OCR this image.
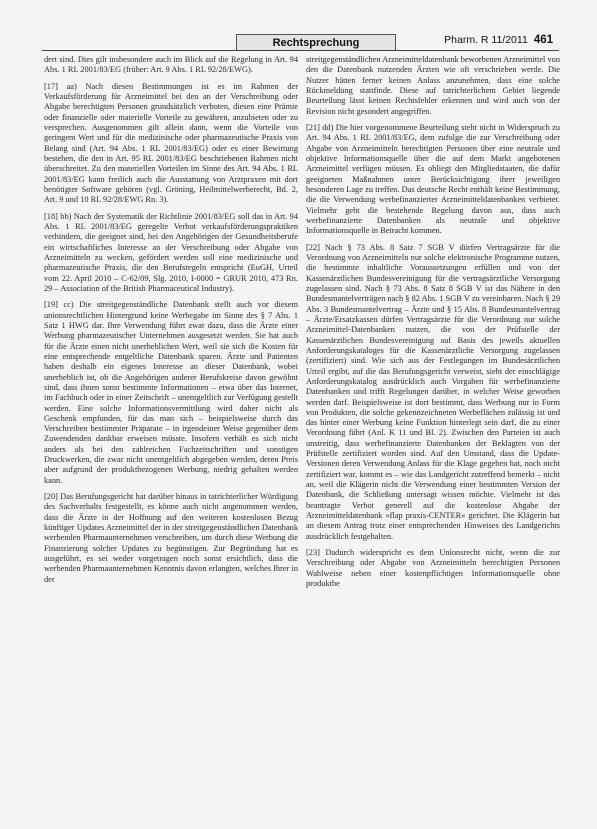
Rechtsprechung	Pharm. R 11/2011 461

dert sind. Dies gilt insbesondere auch im Blick auf die Regelung in Art. 94 Abs. 1 RL 2001/83/EG (früher: Art. 9 Abs. 1 RL 92/28/EWG).

[17] aa) Nach diesen Bestimmungen ist es im Rahmen der Verkaufsförderung für Arzneimittel bei den an der Verschreibung oder Abgabe berechtigten Personen grundsätzlich verboten, diesen eine Prämie oder finanzielle oder materielle Vorteile zu gewähren, anzubieten oder zu versprechen. Ausgenommen gilt allein dann, wenn die Vorteile von geringem Wert und für die medizinische oder pharmazeutische Praxis von Belang sind (Art. 94 Abs. 1 RL 2001/83/EG) oder es einer Bewirtung bestehen, die den in Art. 95 RL 2001/83/EG beschriebenen Rahmen nicht überschreitet. Zu den materiellen Vorteilen im Sinne des Art. 94 Abs. 1 RL 2001/83/EG kann freilich auch die Ausstattung von Arztpraxen mit dort benötigter Software gehören (vgl. Gröning, Heilmittelwerberecht, Bd. 2, Art. 9 und 10 RL 92/28/EWG Rn. 3).

[18] bb) Nach der Systematik der Richtlinie 2001/83/EG soll das in Art. 94 Abs. 1 RL 2001/83/EG geregelte Verbot verkaufsförderungspraktiken verhindern, die geeignet sind, bei den Angehörigen der Gesundheitsberufe ein wirtschaftliches Interesse an der Verschreibung oder Abgabe von Arzneimitteln zu wecken, gefördert werden soll eine medizinische und pharmazeutische Praxis, die den Berufsregeln entspricht (EuGH, Urteil vom 22. April 2010 – C-62/09, Slg. 2010, I-0000 = GRUR 2010, 473 Rn. 29 – Association of the British Pharmaceutical Industry).

[19] cc) Die streitgegenständliche Datenbank stellt auch vor diesem unionsrechtlichen Hintergrund keine Werbegabe im Sinne des § 7 Abs. 1 Satz 1 HWG dar. Ihre Verwendung führt zwar dazu, dass die Ärzte einer Werbung pharmazeutischer Unternehmen ausgesetzt werden. Sie hat auch für die Ärzte einen nicht unerheblichen Wert, weil sie sich die Kosten für eine entsprechende entgeltliche Datenbank sparen. Ärzte und Patienten haben deshalb ein eigenes Interesse an dieser Datenbank, wobei unerheblich ist, ob die Angehörigen anderer Berufskreise davon gewöhnt sind, dass ihnen sonst bestimmte Informationen – etwa über das Internet, im Fachbuch oder in einer Zeitschrift – unentgeltlich zur Verfügung gestellt werden. Eine solche Informationsvermittlung wird daher nicht als Geschenk empfunden, für das man sich – beispielsweise durch das Verschreiben bestimmter Präparate – in irgendeiner Weise gegenüber dem Zuwendenden dankbar erweisen müsste. Insofern verhält es sich nicht anders als bei den zahlreichen Fachzeitschriften und sonstigen Druckwerken, die zwar nicht unentgeltlich abgegeben werden, deren Preis aber aufgrund der produktbezogenen Werbung, niedrig gehalten werden kann.

[20] Das Berufungsgericht hat darüber hinaus in tatrichterlicher Würdigung des Sachverhalts festgestellt, es könne auch nicht angenommen werden, dass die Ärzte in der Hoffnung auf den weiteren kostenlosen Bezug künftiger Updates Arzneimittel der in der streitgegenständlichen Datenbank werbenden Pharmaunternehmen verschreiben, um durch diese Werbung die Finanzierung solcher Updates zu begünstigen. Zur Begründung hat es ausgeführt, es sei weder vorgetragen noch sonst ersichtlich, dass die werbenden Pharmaunternehmen Kenntnis davon erlangten, welches Ihrer in der

streitgegenständlichen Arzneimitteldatenbank beworbenen Arzneimittel von den die Datenbank nutzenden Ärzten wie oft verschrieben werde. Die Nutzer hätten ferner keinen Anlass anzunehmen, dass eine solche Rückmeldung stattfinde. Diese auf tatrichterlichem Gebiet liegende Beurteilung lässt keinen Rechtsfehler erkennen und wird auch von der Revision nicht gesondert angegriffen.

[21] dd) Die hier vorgenommene Beurteilung steht nicht in Widerspruch zu Art. 94 Abs. 1 RL 2001/83/EG, dem zufolge die zur Verschreibung oder Abgabe von Arzneimitteln berechtigten Personen über eine neutrale und objektive Informationsquelle über die auf dem Markt angebotenen Arzneimittel verfügen müssen. Es obliegt den Mitgliedstaaten, die dafür geeigneten Maßnahmen unter Berücksichtigung ihrer jeweiligen besonderen Lage zu treffen. Das deutsche Recht enthält keine Bestimmung, die die Verwendung werbefinanzierter Arzneimitteldatenbanken verbietet. Vielmehr geht die bestehende Regelung davon aus, dass auch werbefinanzierte Datenbanken als neutrale und objektive Informationsquelle in Betracht kommen.

[22] Nach § 73 Abs. 8 Satz 7 SGB V dürfen Vertragsärzte für die Verordnung von Arzneimitteln nur solche elektronische Programme nutzen, die bestimmte inhaltliche Voraussetzungen erfüllen und von der Kassenärztlichen Bundesvereinigung für die vertragsärztliche Versorgung zugelassen sind. Nach § 73 Abs. 8 Satz 8 SGB V ist das Nähere in den Bundesmantelverträgen nach § 82 Abs. 1 SGB V zu vereinbaren. Nach § 29 Abs. 3 Bundesmantelvertrag – Ärzte und § 15 Abs. 8 Bundesmantelvertrag – Ärzte/Ersatzkassen dürfen Vertragsärzte für die Verordnung nur solche Arzneimittel-Datenbanken nutzen, die von der Prüfstelle der Kassenärztlichen Bundesvereinigung auf Basis des jeweils aktuellen Anforderungskataloges für die Kassenärztliche Versorgung zugelassen (zertifiziert) sind. Wie sich aus der Festlegungen im Bundesärztlichen Urteil ergibt, auf die das Berufungsgericht verweist, sieht der einschlägige Anforderungskatalog ausdrücklich auch Vorgaben für werbefinanzierte Datenbanken und trifft Regelungen darüber, in welcher Weise geworben werden darf. Beispielsweise ist dort bestimmt, dass Werbung nur in Form von Produkten, die solche gekennzeichneten Werbeflächen zulässig ist und das hinter einer Werbung keine Funktion hinterlegt sein darf, die zu einer Verordnung führt (Anl. K 11 und Bl. 2). Zwischen den Parteien ist auch unstreitig, dass werbefinanzierte Datenbanken der Beklagten von der Prüfstelle zertifiziert worden sind. Auf den Umstand, dass die Update-Versionen deren Verwendung Anlass für die Klage gegeben hat, noch nicht zertifiziert war, kommt es – wie das Landgericht zutreffend bemerkt – nicht an, weil die Klägerin nicht die Verwendung einer bestimmten Version der Datenbank, die Schließung untersagt wissen möchte. Vielmehr ist das beantragte Verbot generell auf die kostenlose Abgabe der Arzneimitteldatenbank »flap praxis-CENTER« gerichtet. Die Klägerin hat an diesem Antrag trotz einer entsprechenden Hinweises des Landgerichts ausdrücklich festgehalten.

[23] Dadurch widerspricht es dem Unionsrecht nicht, wenn die zur Verschreibung oder Abgabe von Arzneimitteln berechtigten Personen Wahlweise neben einer kostenpflichtigen Informationsquelle ohne produktbe
